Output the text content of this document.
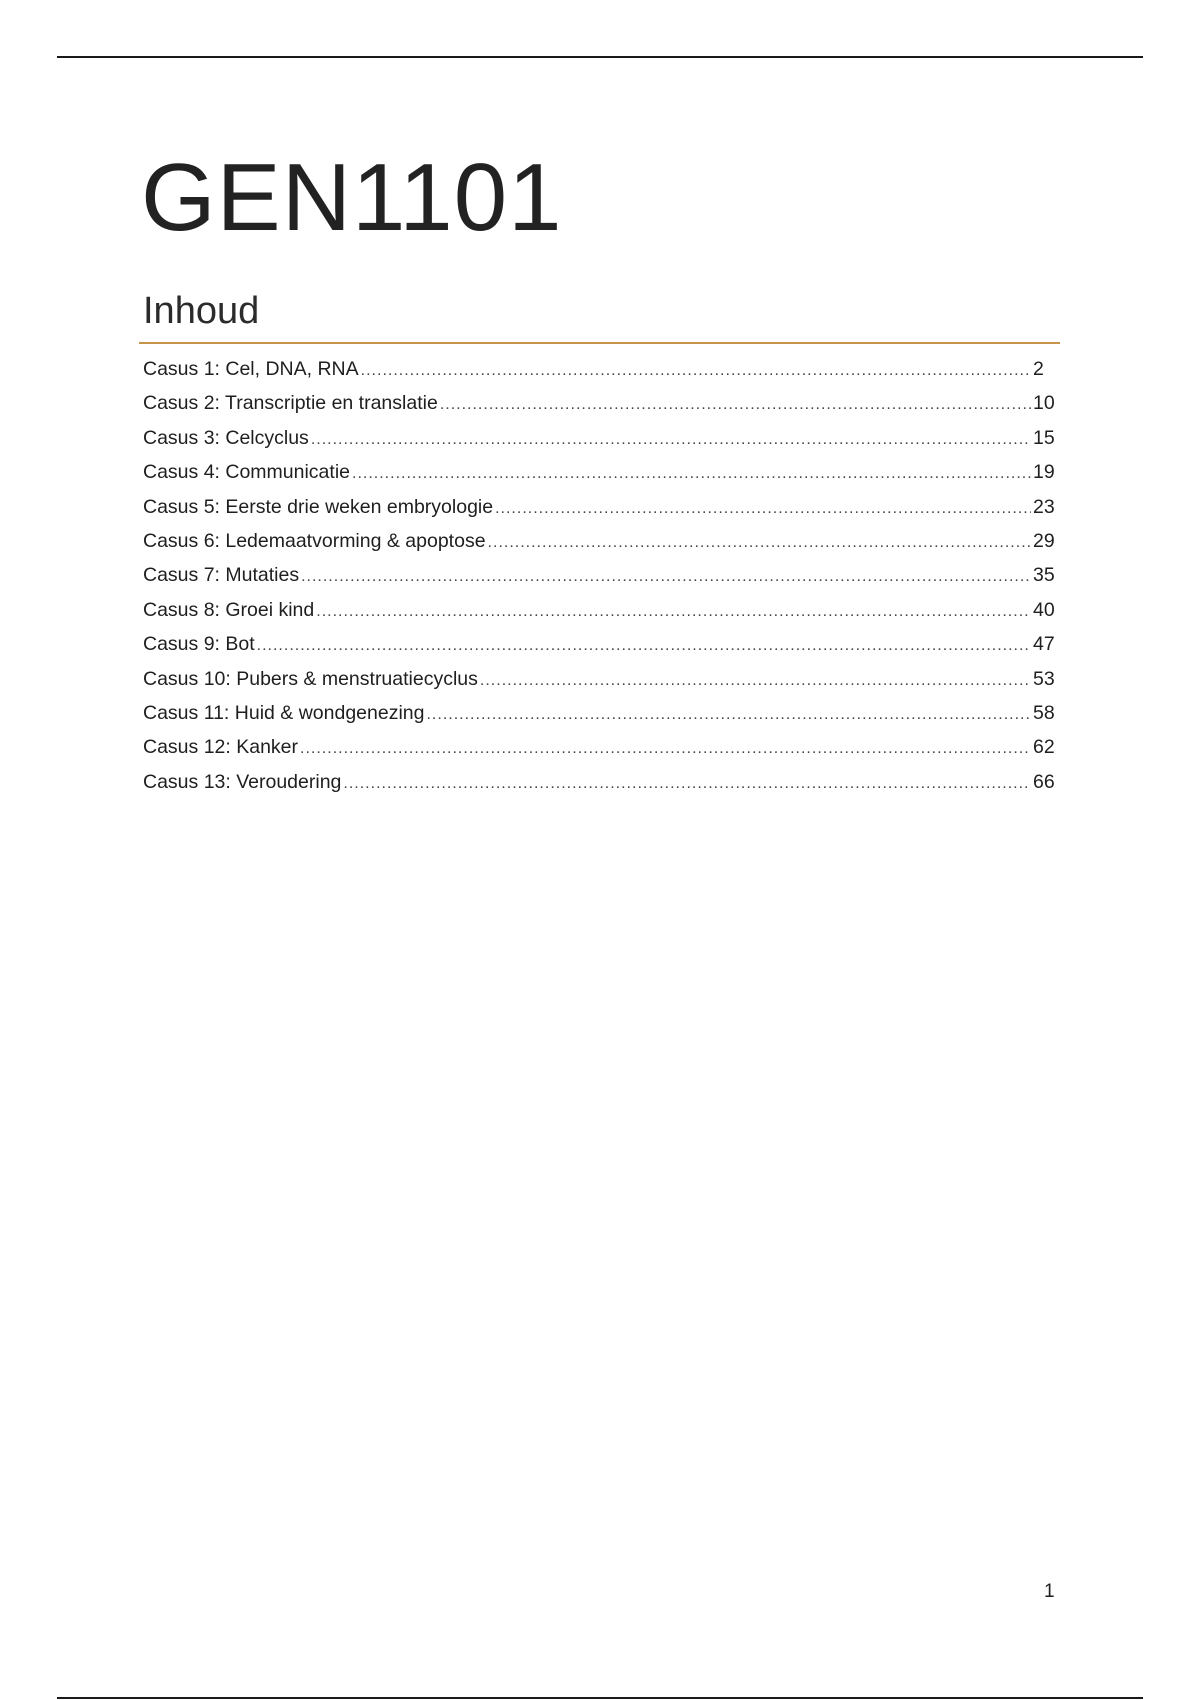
GEN1101
Inhoud
Casus 1: Cel, DNA, RNA .....	2
Casus 2: Transcriptie en translatie .....	10
Casus 3: Celcyclus .....	15
Casus 4: Communicatie .....	19
Casus 5: Eerste drie weken embryologie .....	23
Casus 6: Ledemaatvorming & apoptose .....	29
Casus 7: Mutaties .....	35
Casus 8: Groei kind .....	40
Casus 9: Bot .....	47
Casus 10: Pubers & menstruatiecyclus .....	53
Casus 11: Huid & wondgenezing .....	58
Casus 12: Kanker .....	62
Casus 13: Veroudering .....	66
1
